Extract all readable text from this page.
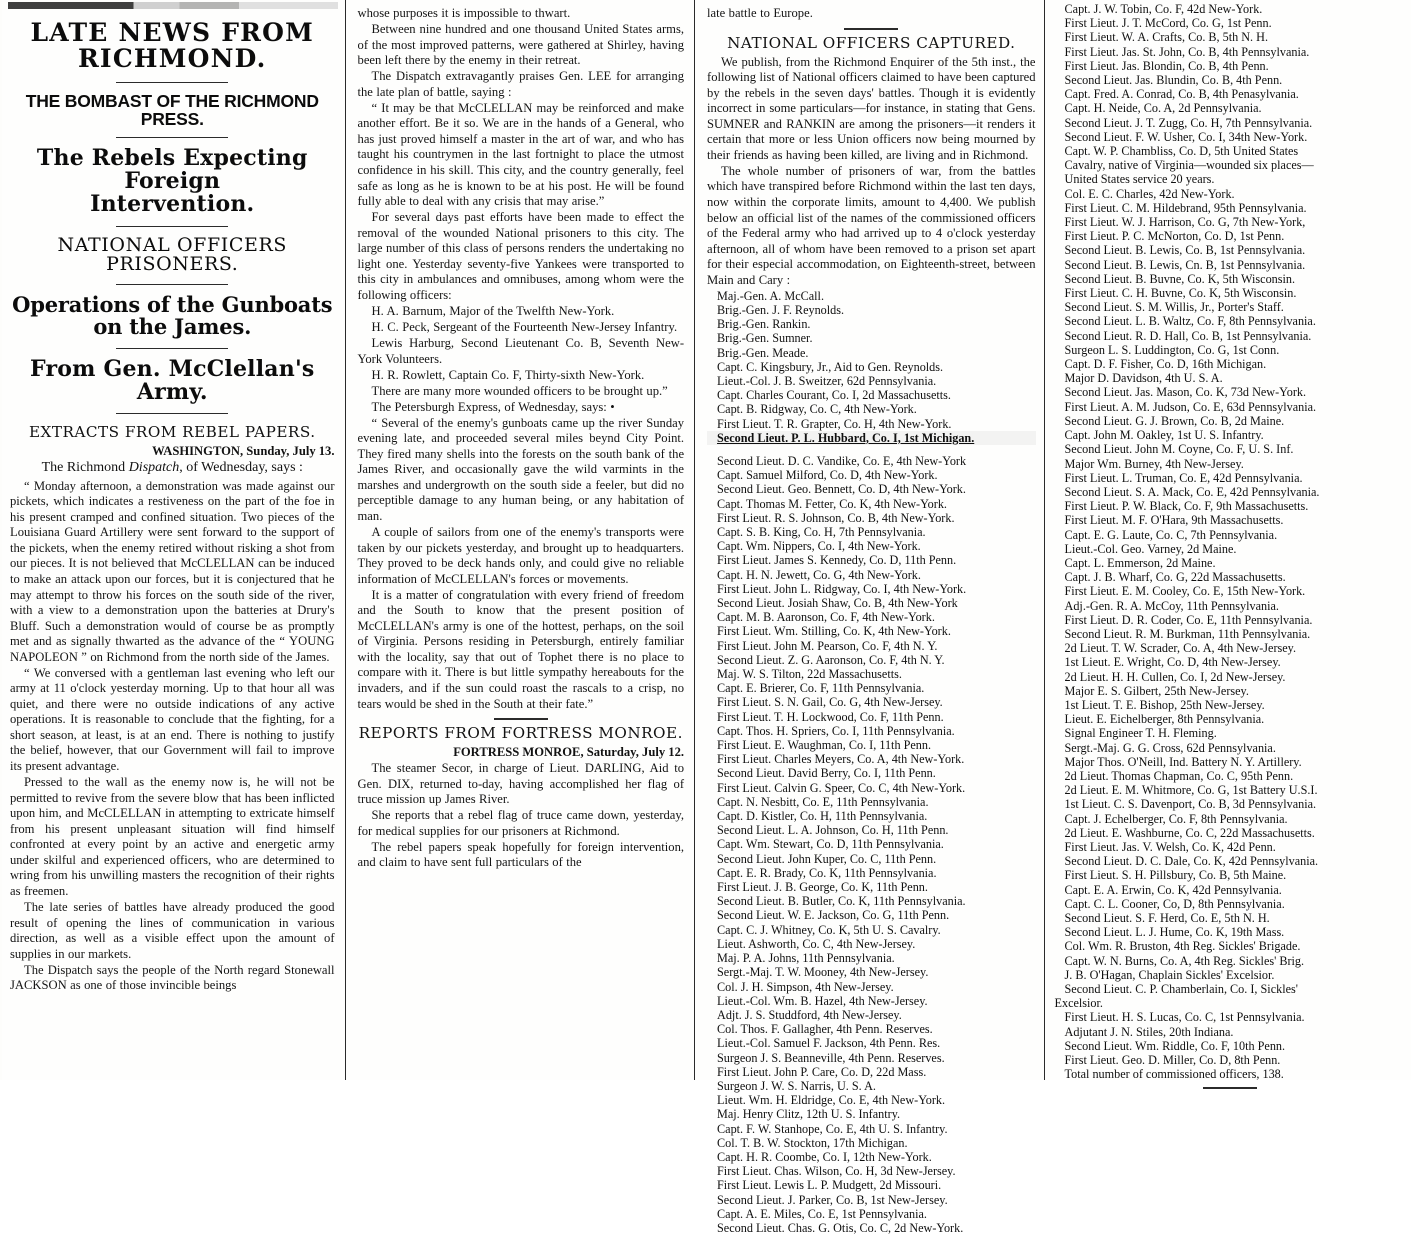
LATE NEWS FROM RICHMOND.
THE BOMBAST OF THE RICHMOND PRESS.
The Rebels Expecting Foreign
Intervention.
NATIONAL OFFICERS PRISONERS.
Operations of the Gunboats
on the James.
From Gen. McClellan's Army.
EXTRACTS FROM REBEL PAPERS.
WASHINGTON, Sunday, July 13.
The Richmond Dispatch, of Wednesday, says :

“ Monday afternoon, a demonstration was made against our pickets, which indicates a restiveness on the part of the foe in his present cramped and confined situation. Two pieces of the Louisiana Guard Artillery were sent forward to the support of the pickets, when the enemy retired without risking a shot from our pieces. It is not believed that McCLELLAN can be induced to make an attack upon our forces, but it is conjectured that he may attempt to throw his forces on the south side of the river, with a view to a demonstration upon the batteries at Drury's Bluff. Such a demonstration would of course be as promptly met and as signally thwarted as the advance of the “ YOUNG NAPOLEON ” on Richmond from the north side of the James.

“ We conversed with a gentleman last evening who left our army at 11 o'clock yesterday morning. Up to that hour all was quiet, and there were no outside indications of any active operations. It is reasonable to conclude that the fighting, for a short season, at least, is at an end. There is nothing to justify the belief, however, that our Government will fail to improve its present advantage.

Pressed to the wall as the enemy now is, he will not be permitted to revive from the severe blow that has been inflicted upon him, and McCLELLAN in attempting to extricate himself from his present unpleasant situation will find himself confronted at every point by an active and energetic army under skilful and experienced officers, who are determined to wring from his unwilling masters the recognition of their rights as freemen.

The late series of battles have already produced the good result of opening the lines of communication in various direction, as well as a visible effect upon the amount of supplies in our markets.

The Dispatch says the people of the North regard Stonewall JACKSON as one of those invincible beings

whose purposes it is impossible to thwart.

Between nine hundred and one thousand United States arms, of the most improved patterns, were gathered at Shirley, having been left there by the enemy in their retreat.

The Dispatch extravagantly praises Gen. LEE for arranging the late plan of battle, saying :

“ It may be that McCLELLAN may be reinforced and make another effort. Be it so. We are in the hands of a General, who has just proved himself a master in the art of war, and who has taught his countrymen in the last fortnight to place the utmost confidence in his skill. This city, and the country generally, feel safe as long as he is known to be at his post. He will be found fully able to deal with any crisis that may arise.”

For several days past efforts have been made to effect the removal of the wounded National prisoners to this city. The large number of this class of persons renders the undertaking no light one. Yesterday seventy-five Yankees were transported to this city in ambulances and omnibuses, among whom were the following officers:

H. A. Barnum, Major of the Twelfth New-York.

H. C. Peck, Sergeant of the Fourteenth New-Jersey Infantry.

Lewis Harburg, Second Lieutenant Co. B, Seventh New-York Volunteers.

H. R. Rowlett, Captain Co. F, Thirty-sixth New-York.

There are many more wounded officers to be brought up.”

The Petersburgh Express, of Wednesday, says: •

“ Several of the enemy's gunboats came up the river Sunday evening late, and proceeded several miles beynd City Point. They fired many shells into the forests on the south bank of the James River, and occasionally gave the wild varmints in the marshes and undergrowth on the south side a feeler, but did no perceptible damage to any human being, or any habitation of man.

A couple of sailors from one of the enemy's transports were taken by our pickets yesterday, and brought up to headquarters. They proved to be deck hands only, and could give no reliable information of McCLELLAN's forces or movements.

It is a matter of congratulation with every friend of freedom and the South to know that the present position of McCLELLAN's army is one of the hottest, perhaps, on the soil of Virginia. Persons residing in Petersburgh, entirely familiar with the locality, say that out of Tophet there is no place to compare with it. There is but little sympathy hereabouts for the invaders, and if the sun could roast the rascals to a crisp, no tears would be shed in the South at their fate.”

REPORTS FROM FORTRESS MONROE.
FORTRESS MONROE, Saturday, July 12.

The steamer Secor, in charge of Lieut. DARLING, Aid to Gen. DIX, returned to-day, having accomplished her flag of truce mission up James River.

She reports that a rebel flag of truce came down, yesterday, for medical supplies for our prisoners at Richmond.

The rebel papers speak hopefully for foreign intervention, and claim to have sent full particulars of the

late battle to Europe.

NATIONAL OFFICERS CAPTURED.

We publish, from the Richmond Enquirer of the 5th inst., the following list of National officers claimed to have been captured by the rebels in the seven days' battles. Though it is evidently incorrect in some particulars—for instance, in stating that Gens. SUMNER and RANKIN are among the prisoners—it renders it certain that more or less Union officers now being mourned by their friends as having been killed, are living and in Richmond.

The whole number of prisoners of war, from the battles which have transpired before Richmond within the last ten days, now within the corporate limits, amount to 4,400. We publish below an official list of the names of the commissioned officers of the Federal army who had arrived up to 4 o'clock yesterday afternoon, all of whom have been removed to a prison set apart for their especial accommodation, on Eighteenth-street, between Main and Cary :

Maj.-Gen. A. McCall.
Brig.-Gen. J. F. Reynolds.
Brig.-Gen. Rankin.
Brig.-Gen. Sumner.
Brig.-Gen. Meade.
Capt. C. Kingsbury, Jr., Aid to Gen. Reynolds.
Lieut.-Col. J. B. Sweitzer, 62d Pennsylvania.
Capt. Charles Courant, Co. I, 2d Massachusetts.
Capt. B. Ridgway, Co. C, 4th New-York.
First Lieut. T. R. Grapter, Co. H, 4th New-York.
Second Lieut. P. L. Hubbard, Co. I, 1st Michigan.
Second Lieut. D. C. Vandike, Co. E, 4th New-York
Capt. Samuel Milford, Co. D, 4th New-York.
Second Lieut. Geo. Bennett, Co. D, 4th New-York.
Capt. Thomas M. Fetter, Co. K, 4th New-York.
First Lieut. R. S. Johnson, Co. B, 4th New-York.
Capt. S. B. King, Co. H, 7th Pennsylvania.
Capt. Wm. Nippers, Co. I, 4th New-York.
First Lieut. James S. Kennedy, Co. D, 11th Penn.
Capt. H. N. Jewett, Co. G, 4th New-York.
First Lieut. John L. Ridgway, Co. I, 4th New-York.
Second Lieut. Josiah Shaw, Co. B, 4th New-York
Capt. M. B. Aaronson, Co. F, 4th New-York.
First Lieut. Wm. Stilling, Co. K, 4th New-York.
First Lieut. John M. Pearson, Co. F, 4th N. Y.
Second Lieut. Z. G. Aaronson, Co. F, 4th N. Y.
Maj. W. S. Tilton, 22d Massachusetts.
Capt. E. Brierer, Co. F, 11th Pennsylvania.
First Lieut. S. N. Gail, Co. G, 4th New-Jersey.
First Lieut. T. H. Lockwood, Co. F, 11th Penn.
Capt. Thos. H. Spriers, Co. I, 11th Pennsylvania.
First Lieut. E. Waughman, Co. I, 11th Penn.
First Lieut. Charles Meyers, Co. A, 4th New-York.
Second Lieut. David Berry, Co. I, 11th Penn.
First Lieut. Calvin G. Speer, Co. C, 4th New-York.
Capt. N. Nesbitt, Co. E, 11th Pennsylvania.
Capt. D. Kistler, Co. H, 11th Pennsylvania.
Second Lieut. L. A. Johnson, Co. H, 11th Penn.
Capt. Wm. Stewart, Co. D, 11th Pennsylvania.
Second Lieut. John Kuper, Co. C, 11th Penn.
Capt. E. R. Brady, Co. K, 11th Pennsylvania.
First Lieut. J. B. George, Co. K, 11th Penn.
Second Lieut. B. Butler, Co. K, 11th Pennsylvania.
Second Lieut. W. E. Jackson, Co. G, 11th Penn.
Capt. C. J. Whitney, Co. K, 5th U. S. Cavalry.
Lieut. Ashworth, Co. C, 4th New-Jersey.
Maj. P. A. Johns, 11th Pennsylvania.
Sergt.-Maj. T. W. Mooney, 4th New-Jersey.
Col. J. H. Simpson, 4th New-Jersey.
Lieut.-Col. Wm. B. Hazel, 4th New-Jersey.
Adjt. J. S. Studdford, 4th New-Jersey.
Col. Thos. F. Gallagher, 4th Penn. Reserves.
Lieut.-Col. Samuel F. Jackson, 4th Penn. Res.
Surgeon J. S. Beanneville, 4th Penn. Reserves.
First Lieut. John P. Care, Co. D, 22d Mass.
Surgeon J. W. S. Narris, U. S. A.
Lieut. Wm. H. Eldridge, Co. E, 4th New-York.
Maj. Henry Clitz, 12th U. S. Infantry.
Capt. F. W. Stanhope, Co. E, 4th U. S. Infantry.
Col. T. B. W. Stockton, 17th Michigan.
Capt. H. R. Coombe, Co. I, 12th New-York.
First Lieut. Chas. Wilson, Co. H, 3d New-Jersey.
First Lieut. Lewis L. P. Mudgett, 2d Missouri.
Second Lieut. J. Parker, Co. B, 1st New-Jersey.
Capt. A. E. Miles, Co. E, 1st Pennsylvania.
Second Lieut. Chas. G. Otis, Co. C, 2d New-York.
Capt. J. W. Tobin, Co. F, 42d New-York.
First Lieut. J. T. McCord, Co. G, 1st Penn.
First Lieut. W. A. Crafts, Co. B, 5th N. H.
First Lieut. Jas. St. John, Co. B, 4th Pennsylvania.
First Lieut. Jas. Blondin, Co. B, 4th Penn.
Second Lieut. Jas. Blundin, Co. B, 4th Penn.
Capt. Fred. A. Conrad, Co. B, 4th Penasylvania.
Capt. H. Neide, Co. A, 2d Pennsylvania.
Second Lieut. J. T. Zugg, Co. H, 7th Pennsylvania.
Second Lieut. F. W. Usher, Co. I, 34th New-York.
Capt. W. P. Chambliss, Co. D, 5th United States
Cavalry, native of Virginia—wounded six places—
United States service 20 years.
Col. E. C. Charles, 42d New-York.
First Lieut. C. M. Hildebrand, 95th Pennsylvania.
First Lieut. W. J. Harrison, Co. G, 7th New-York,
First Lieut. P. C. McNorton, Co. D, 1st Penn.
Second Lieut. B. Lewis, Co. B, 1st Pennsylvania.
Second Lieut. B. Lewis, Cn. B, 1st Pennsylvania.
Second Lieut. B. Buvne, Co. K, 5th Wisconsin.
First Lieut. C. H. Buvne, Co. K, 5th Wisconsin.
Second Lieut. S. M. Willis, Jr., Porter's Staff.
Second Lieut. L. B. Waltz, Co. F, 8th Pennsylvania.
Second Lieut. R. D. Hall, Co. B, 1st Pennsylvania.
Surgeon L. S. Luddington, Co. G, 1st Conn.
Capt. D. F. Fisher, Co. D, 16th Michigan.
Major D. Davidson, 4th U. S. A.
Second Lieut. Jas. Mason, Co. K, 73d New-York.
First Lieut. A. M. Judson, Co. E, 63d Pennsylvania.
Second Lieut. G. J. Brown, Co. B, 2d Maine.
Capt. John M. Oakley, 1st U. S. Infantry.
Second Lieut. John M. Coyne, Co. F, U. S. Inf.
Major Wm. Burney, 4th New-Jersey.
First Lieut. L. Truman, Co. E, 42d Pennsylvania.
Second Lieut. S. A. Mack, Co. E, 42d Pennsylvania.
First Lieut. P. W. Black, Co. F, 9th Massachusetts.
First Lieut. M. F. O'Hara, 9th Massachusetts.
Capt. E. G. Laute, Co. C, 7th Pennsylvania.
Lieut.-Col. Geo. Varney, 2d Maine.
Capt. L. Emmerson, 2d Maine.
Capt. J. B. Wharf, Co. G, 22d Massachusetts.
First Lieut. E. M. Cooley, Co. E, 15th New-York.
Adj.-Gen. R. A. McCoy, 11th Pennsylvania.
First Lieut. D. R. Coder, Co. E, 11th Pennsylvania.
Second Lieut. R. M. Burkman, 11th Pennsylvania.
2d Lieut. T. W. Scrader, Co. A, 4th New-Jersey.
1st Lieut. E. Wright, Co. D, 4th New-Jersey.
2d Lieut. H. H. Cullen, Co. I, 2d New-Jersey.
Major E. S. Gilbert, 25th New-Jersey.
1st Lieut. T. E. Bishop, 25th New-Jersey.
Lieut. E. Eichelberger, 8th Pennsylvania.
Signal Engineer T. H. Fleming.
Sergt.-Maj. G. G. Cross, 62d Pennsylvania.
Major Thos. O'Neill, Ind. Battery N. Y. Artillery.
2d Lieut. Thomas Chapman, Co. C, 95th Penn.
2d Lieut. E. M. Whitmore, Co. G, 1st Battery U.S.I.
1st Lieut. C. S. Davenport, Co. B, 3d Pennsylvania.
Capt. J. Echelberger, Co. F, 8th Pennsylvania.
2d Lieut. E. Washburne, Co. C, 22d Massachusetts.
First Lieut. Jas. V. Welsh, Co. K, 42d Penn.
Second Lieut. D. C. Dale, Co. K, 42d Pennsylvania.
First Lieut. S. H. Pillsbury, Co. B, 5th Maine.
Capt. E. A. Erwin, Co. K, 42d Pennsylvania.
Capt. C. L. Cooner, Co, D, 8th Pennsylvania.
Second Lieut. S. F. Herd, Co. E, 5th N. H.
Second Lieut. L. J. Hume, Co. K, 19th Mass.
Col. Wm. R. Bruston, 4th Reg. Sickles' Brigade.
Capt. W. N. Burns, Co. A, 4th Reg. Sickles' Brig.
J. B. O'Hagan, Chaplain Sickles' Excelsior.
Second Lieut. C. P. Chamberlain, Co. I, Sickles'
Excelsior.
First Lieut. H. S. Lucas, Co. C, 1st Pennsylvania.
Adjutant J. N. Stiles, 20th Indiana.
Second Lieut. Wm. Riddle, Co. F, 10th Penn.
First Lieut. Geo. D. Miller, Co. D, 8th Penn.
Total number of commissioned officers, 138.
